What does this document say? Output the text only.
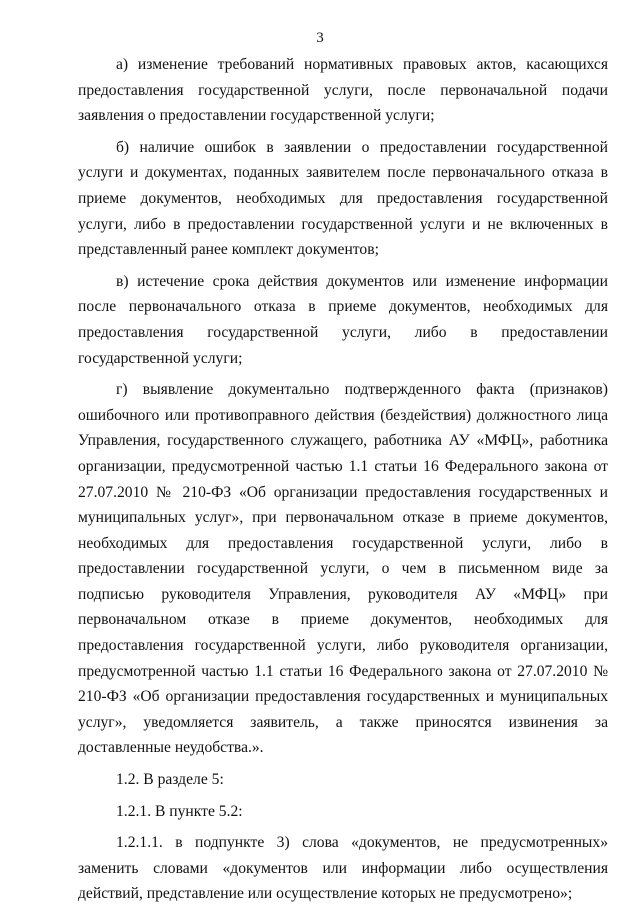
3

а) изменение требований нормативных правовых актов, касающихся предоставления государственной услуги, после первоначальной подачи заявления о предоставлении государственной услуги;

б) наличие ошибок в заявлении о предоставлении государственной услуги и документах, поданных заявителем после первоначального отказа в приеме документов, необходимых для предоставления государственной услуги, либо в предоставлении государственной услуги и не включенных в представленный ранее комплект документов;

в) истечение срока действия документов или изменение информации после первоначального отказа в приеме документов, необходимых для предоставления государственной услуги, либо в предоставлении государственной услуги;

г) выявление документально подтвержденного факта (признаков) ошибочного или противоправного действия (бездействия) должностного лица Управления, государственного служащего, работника АУ «МФЦ», работника организации, предусмотренной частью 1.1 статьи 16 Федерального закона от 27.07.2010 № 210-ФЗ «Об организации предоставления государственных и муниципальных услуг», при первоначальном отказе в приеме документов, необходимых для предоставления государственной услуги, либо в предоставлении государственной услуги, о чем в письменном виде за подписью руководителя Управления, руководителя АУ «МФЦ» при первоначальном отказе в приеме документов, необходимых для предоставления государственной услуги, либо руководителя организации, предусмотренной частью 1.1 статьи 16 Федерального закона от 27.07.2010 № 210-ФЗ «Об организации предоставления государственных и муниципальных услуг», уведомляется заявитель, а также приносятся извинения за доставленные неудобства.».

1.2. В разделе 5:

1.2.1. В пункте 5.2:

1.2.1.1. в подпункте 3) слова «документов, не предусмотренных» заменить словами «документов или информации либо осуществления действий, представление или осуществление которых не предусмотрено»;
